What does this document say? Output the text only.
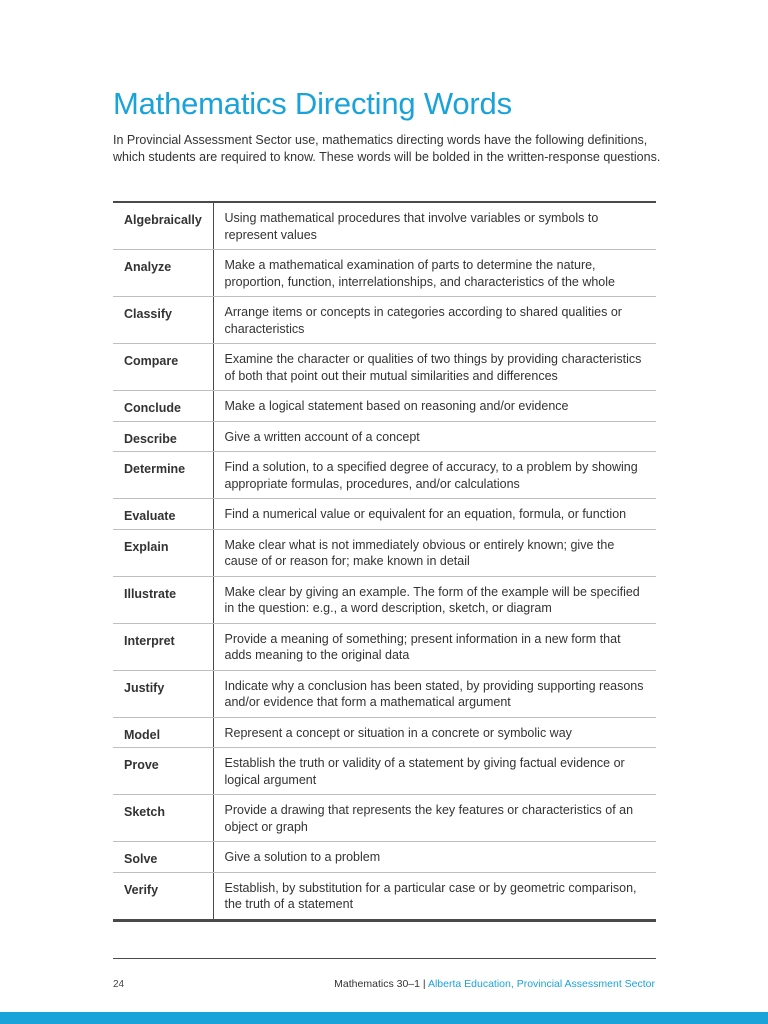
Mathematics Directing Words

In Provincial Assessment Sector use, mathematics directing words have the following definitions, which students are required to know. These words will be bolded in the written-response questions.

Algebraically	Using mathematical procedures that involve variables or symbols to represent values
Analyze	Make a mathematical examination of parts to determine the nature, proportion, function, interrelationships, and characteristics of the whole
Classify	Arrange items or concepts in categories according to shared qualities or characteristics
Compare	Examine the character or qualities of two things by providing characteristics of both that point out their mutual similarities and differences
Conclude	Make a logical statement based on reasoning and/or evidence
Describe	Give a written account of a concept
Determine	Find a solution, to a specified degree of accuracy, to a problem by showing appropriate formulas, procedures, and/or calculations
Evaluate	Find a numerical value or equivalent for an equation, formula, or function
Explain	Make clear what is not immediately obvious or entirely known; give the cause of or reason for; make known in detail
Illustrate	Make clear by giving an example. The form of the example will be specified in the question: e.g., a word description, sketch, or diagram
Interpret	Provide a meaning of something; present information in a new form that adds meaning to the original data
Justify	Indicate why a conclusion has been stated, by providing supporting reasons and/or evidence that form a mathematical argument
Model	Represent a concept or situation in a concrete or symbolic way
Prove	Establish the truth or validity of a statement by giving factual evidence or logical argument
Sketch	Provide a drawing that represents the key features or characteristics of an object or graph
Solve	Give a solution to a problem
Verify	Establish, by substitution for a particular case or by geometric comparison, the truth of a statement
24	Mathematics 30–1 | Alberta Education, Provincial Assessment Sector
